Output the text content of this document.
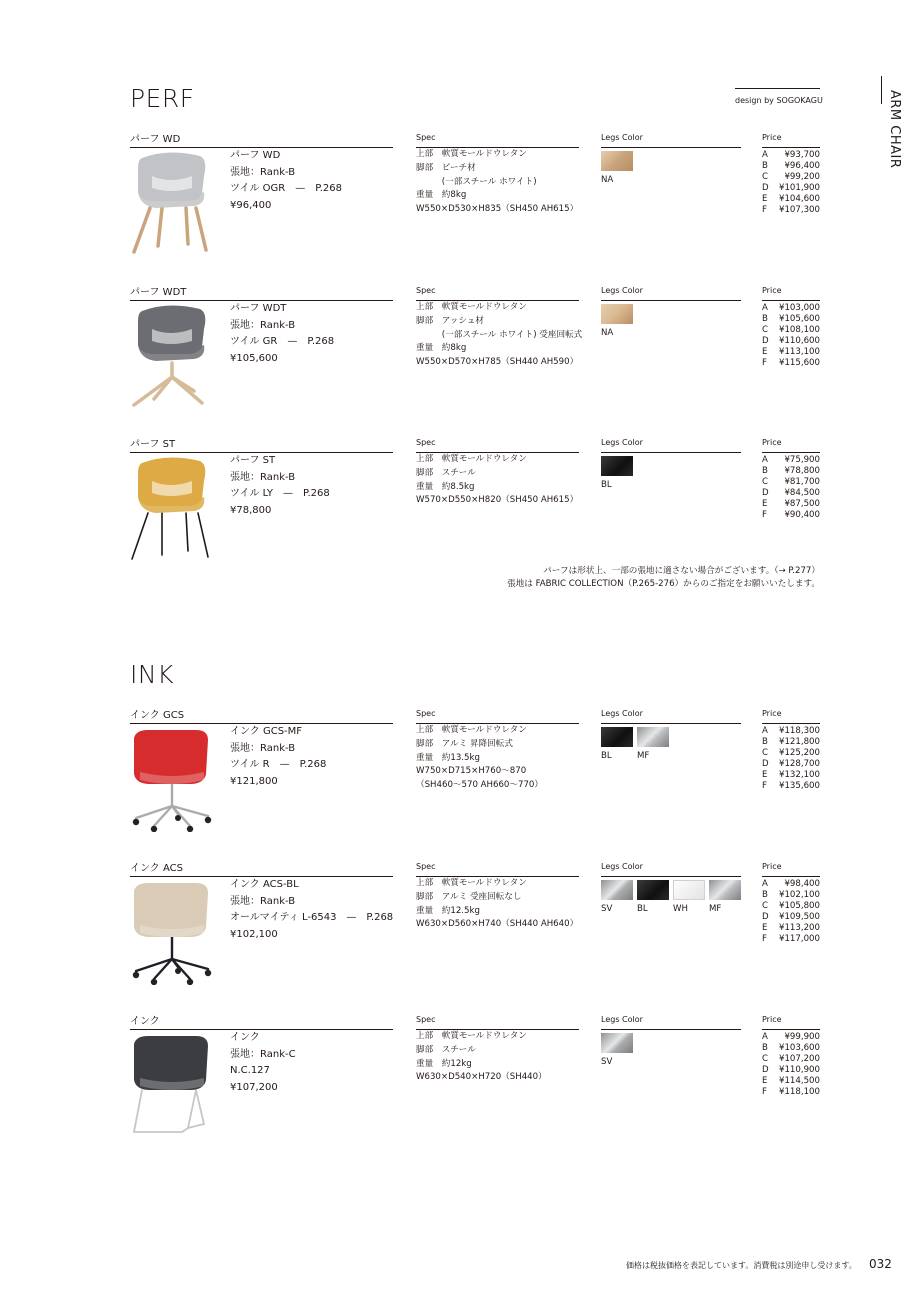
PERF	design by SOGOKAGU	ARM CHAIR
パーフ WD	Spec	Legs Color	Price
パーフ WD
張地：Rank-B
ツイル OGR　—　P.268
¥96,400
上部　軟質モールドウレタン
脚部　ビーチ材
　　　(一部スチール ホワイト)
重量　約8kg
W550×D530×H835（SH450 AH615）
NA
A ¥93,700
B ¥96,400
C ¥99,200
D ¥101,900
E ¥104,600
F ¥107,300
パーフ WDT	Spec	Legs Color	Price
パーフ WDT
張地：Rank-B
ツイル GR　—　P.268
¥105,600
上部　軟質モールドウレタン
脚部　アッシュ材
　　　(一部スチール ホワイト) 受座回転式
重量　約8kg
W550×D570×H785（SH440 AH590）
NA
A ¥103,000
B ¥105,600
C ¥108,100
D ¥110,600
E ¥113,100
F ¥115,600
パーフ ST	Spec	Legs Color	Price
パーフ ST
張地：Rank-B
ツイル LY　—　P.268
¥78,800
上部　軟質モールドウレタン
脚部　スチール
重量　約8.5kg
W570×D550×H820（SH450 AH615）
BL
A ¥75,900
B ¥78,800
C ¥81,700
D ¥84,500
E ¥87,500
F ¥90,400
パーフは形状上、一部の張地に適さない場合がございます。（→ P.277）
張地は FABRIC COLLECTION（P.265-276）からのご指定をお願いいたします。
INK
インク GCS	Spec	Legs Color	Price
インク GCS-MF
張地：Rank-B
ツイル R　—　P.268
¥121,800
上部　軟質モールドウレタン
脚部　アルミ 昇降回転式
重量　約13.5kg
W750×D715×H760〜870
（SH460〜570 AH660〜770）
BL	MF
A ¥118,300
B ¥121,800
C ¥125,200
D ¥128,700
E ¥132,100
F ¥135,600
インク ACS	Spec	Legs Color	Price
インク ACS-BL
張地：Rank-B
オールマイティ L-6543　—　P.268
¥102,100
上部　軟質モールドウレタン
脚部　アルミ 受座回転なし
重量　約12.5kg
W630×D560×H740（SH440 AH640）
SV	BL	WH MF
A ¥98,400
B ¥102,100
C ¥105,800
D ¥109,500
E ¥113,200
F ¥117,000
インク	Spec	Legs Color	Price
インク
張地：Rank-C
N.C.127
¥107,200
上部　軟質モールドウレタン
脚部　スチール
重量　約12kg
W630×D540×H720（SH440）
SV
A ¥99,900
B ¥103,600
C ¥107,200
D ¥110,900
E ¥114,500
F ¥118,100
価格は税抜価格を表記しています。消費税は別途申し受けます。 032
